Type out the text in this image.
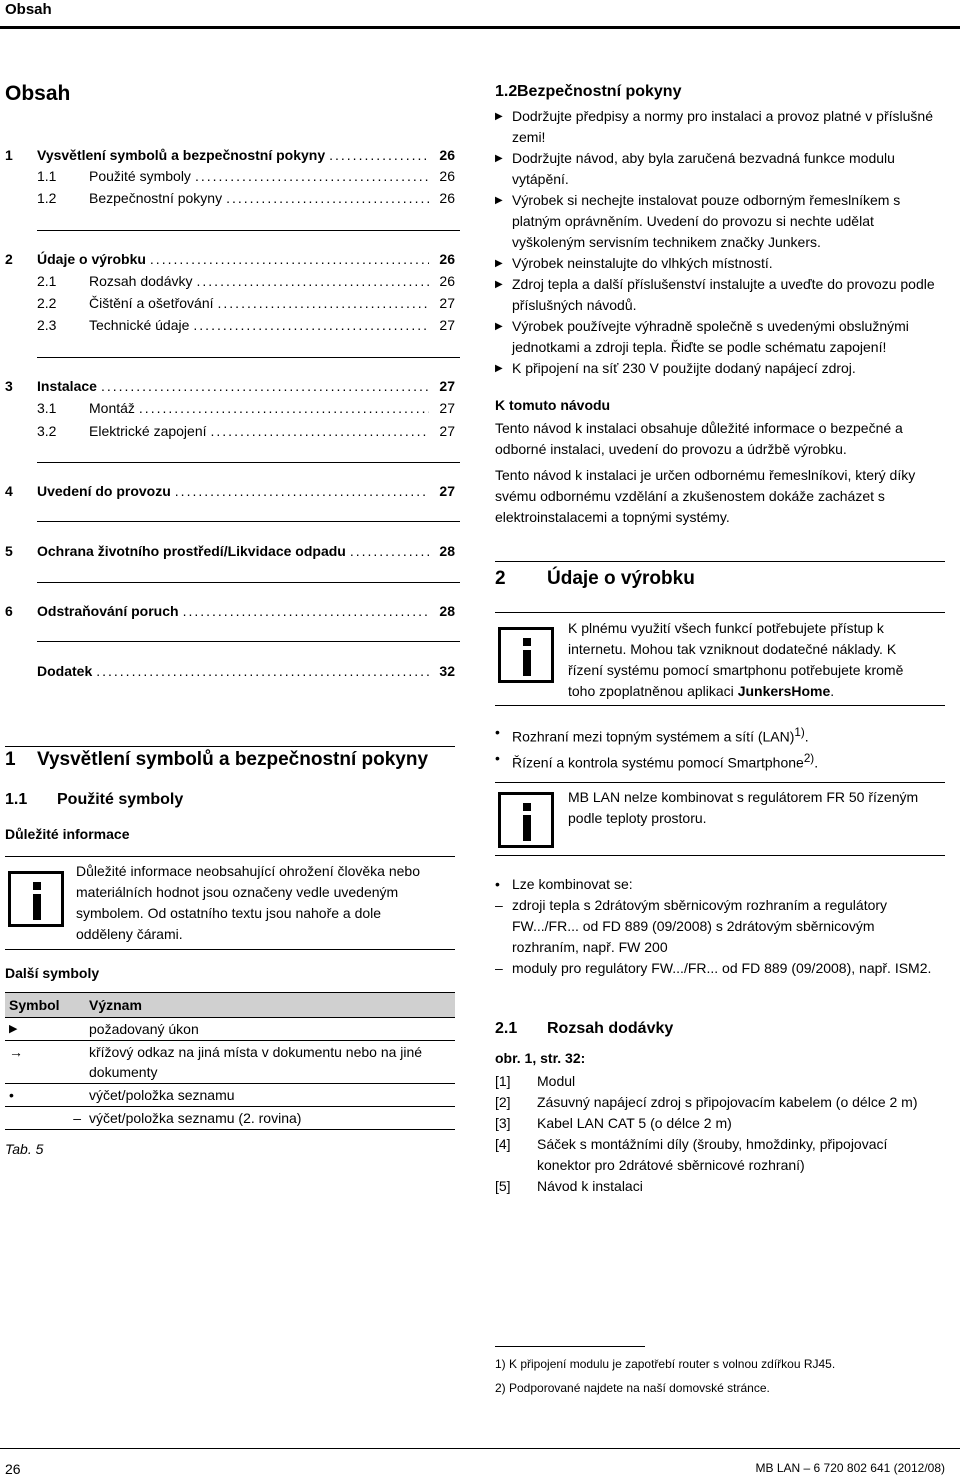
Obsah
Obsah
1	Vysvětlení symbolů a bezpečnostní pokyny .....	26
1.1	Použité symboly .....	26
1.2	Bezpečnostní pokyny .....	26
2	Údaje o výrobku .....	26
2.1	Rozsah dodávky .....	26
2.2	Čištění a ošetřování .....	27
2.3	Technické údaje .....	27
3	Instalace .....	27
3.1	Montáž .....	27
3.2	Elektrické zapojení .....	27
4	Uvedení do provozu .....	27
5	Ochrana životního prostředí/Likvidace odpadu .....	28
6	Odstraňování poruch .....	28
Dodatek .....	32
1 Vysvětlení symbolů a bezpečnostní pokyny
1.1 Použité symboly
Důležité informace
Důležité informace neobsahující ohrožení člověka nebo materiálních hodnot jsou označeny vedle uvedeným symbolem. Od ostatního textu jsou nahoře a dole odděleny čárami.
Další symboly
Symbol	Význam
▶	požadovaný úkon
→	křížový odkaz na jiná místa v dokumentu nebo na jiné dokumenty
•	výčet/položka seznamu
–	výčet/položka seznamu (2. rovina)
Tab. 5
1.2Bezpečnostní pokyny
▶ Dodržujte předpisy a normy pro instalaci a provoz platné v příslušné zemi!
▶ Dodržujte návod, aby byla zaručená bezvadná funkce modulu vytápění.
▶ Výrobek si nechejte instalovat pouze odborným řemeslníkem s platným oprávněním. Uvedení do provozu si nechte udělat vyškoleným servisním technikem značky Junkers.
▶ Výrobek neinstalujte do vlhkých místností.
▶ Zdroj tepla a další příslušenství instalujte a uveďte do provozu podle příslušných návodů.
▶ Výrobek používejte výhradně společně s uvedenými obslužnými jednotkami a zdroji tepla. Řiďte se podle schématu zapojení!
▶ K připojení na síť 230 V použijte dodaný napájecí zdroj.
K tomuto návodu
Tento návod k instalaci obsahuje důležité informace o bezpečné a odborné instalaci, uvedení do provozu a údržbě výrobku.
Tento návod k instalaci je určen odbornému řemeslníkovi, který díky svému odbornému vzdělání a zkušenostem dokáže zacházet s elektroinstalacemi a topnými systémy.
2 Údaje o výrobku
K plnému využití všech funkcí potřebujete přístup k internetu. Mohou tak vzniknout dodatečné náklady. K řízení systému pomocí smartphonu potřebujete kromě toho zpoplatněnou aplikaci JunkersHome.
• Rozhraní mezi topným systémem a sítí (LAN)$^{1)}$.
• Řízení a kontrola systému pomocí Smartphone$^{2)}$.
MB LAN nelze kombinovat s regulátorem FR 50 řízeným podle teploty prostoru.
• Lze kombinovat se:
– zdroji tepla s 2drátovým sběrnicovým rozhraním a regulátory FW.../FR... od FD 889 (09/2008) s 2drátovým sběrnicovým rozhraním, např. FW 200
– moduly pro regulátory FW.../FR... od FD 889 (09/2008), např. ISM2.
2.1 Rozsah dodávky
obr. 1, str. 32:
[1]	Modul
[2]	Zásuvný napájecí zdroj s připojovacím kabelem (o délce 2 m)
[3]	Kabel LAN CAT 5 (o délce 2 m)
[4]	Sáček s montážními díly (šrouby, hmoždinky, připojovací konektor pro 2drátové sběrnicové rozhraní)
[5]	Návod k instalaci
1) K připojení modulu je zapotřebí router s volnou zdířkou RJ45.
2) Podporované najdete na naší domovské stránce.
26	MB LAN – 6 720 802 641 (2012/08)
